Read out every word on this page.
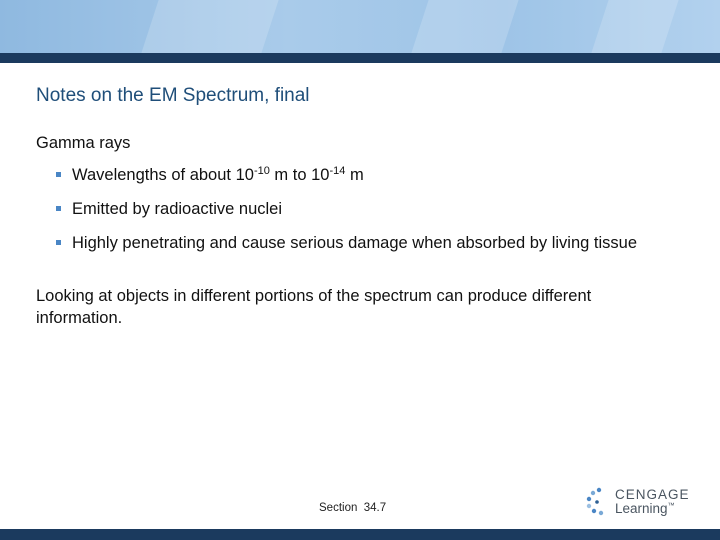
Notes on the EM Spectrum, final
Gamma rays
Wavelengths of about $10^{-10}$ m to $10^{-14}$ m
Emitted by radioactive nuclei
Highly penetrating and cause serious damage when absorbed by living tissue
Looking at objects in different portions of the spectrum can produce different information.
Section  34.7
CENGAGE
Learning™
